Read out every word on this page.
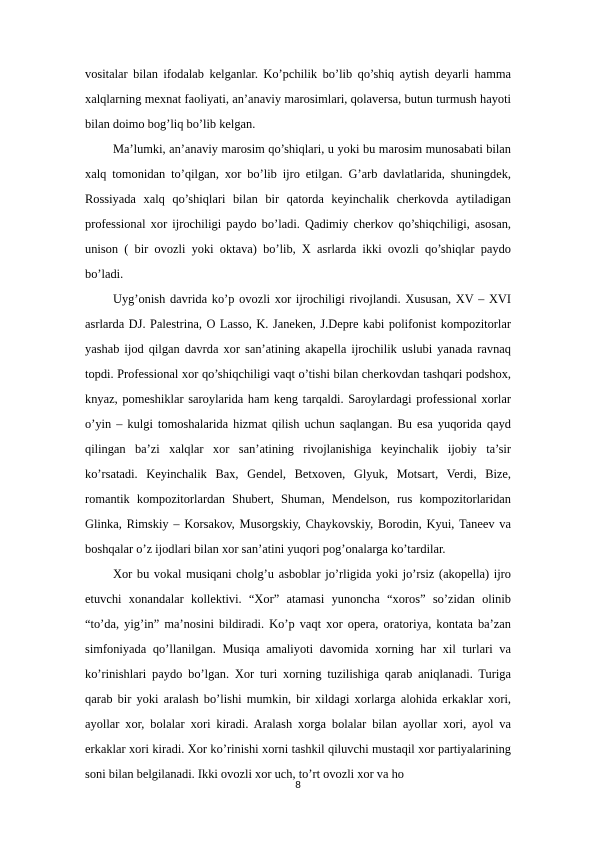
vositalar bilan ifodalab kelganlar. Ko’pchilik bo’lib qo’shiq aytish deyarli hamma xalqlarning mexnat faoliyati, an’anaviy marosimlari, qolaversa, butun turmush hayoti bilan doimo bog’liq bo’lib kelgan.

Ma’lumki, an’anaviy marosim qo’shiqlari, u yoki bu marosim munosabati bilan xalq tomonidan to’qilgan, xor bo’lib ijro etilgan. G’arb davlatlarida, shuningdek, Rossiyada xalq qo’shiqlari bilan bir qatorda keyinchalik cherkovda aytiladigan professional xor ijrochiligi paydo bo’ladi. Qadimiy cherkov qo’shiqchiligi, asosan, unison ( bir ovozli yoki oktava) bo’lib, X asrlarda ikki ovozli qo’shiqlar paydo bo’ladi.

Uyg’onish davrida ko’p ovozli xor ijrochiligi rivojlandi. Xususan, XV – XVI asrlarda DJ. Palestrina, O Lasso, K. Janeken, J.Depre kabi polifonist kompozitorlar yashab ijod qilgan davrda xor san’atining akapella ijrochilik uslubi yanada ravnaq topdi. Professional xor qo’shiqchiligi vaqt o’tishi bilan cherkovdan tashqari podshox, knyaz, pomeshiklar saroylarida ham keng tarqaldi. Saroylardagi professional xorlar o’yin – kulgi tomoshalarida hizmat qilish uchun saqlangan. Bu esa yuqorida qayd qilingan ba’zi xalqlar xor san’atining rivojlanishiga keyinchalik ijobiy ta’sir ko’rsatadi. Keyinchalik Bax, Gendel, Betxoven, Glyuk, Motsart, Verdi, Bize, romantik kompozitorlardan Shubert, Shuman, Mendelson, rus kompozitorlaridan Glinka, Rimskiy – Korsakov, Musorgskiy, Chaykovskiy, Borodin, Kyui, Taneev va boshqalar o’z ijodlari bilan xor san’atini yuqori pog’onalarga ko’tardilar.

Xor bu vokal musiqani cholg’u asboblar jo’rligida yoki jo’rsiz (akopella) ijro etuvchi xonandalar kollektivi. “Xor” atamasi yunoncha “xoros” so’zidan olinib “to’da, yig’in” ma’nosini bildiradi. Ko’p vaqt xor opera, oratoriya, kontata ba’zan simfoniyada qo’llanilgan. Musiqa amaliyoti davomida xorning har xil turlari va ko’rinishlari paydo bo’lgan. Xor turi xorning tuzilishiga qarab aniqlanadi. Turiga qarab bir yoki aralash bo’lishi mumkin, bir xildagi xorlarga alohida erkaklar xori, ayollar xor, bolalar xori kiradi. Aralash xorga bolalar bilan ayollar xori, ayol va erkaklar xori kiradi. Xor ko’rinishi xorni tashkil qiluvchi mustaqil xor partiyalarining soni bilan belgilanadi. Ikki ovozli xor uch, to’rt ovozli xor va ho

8
